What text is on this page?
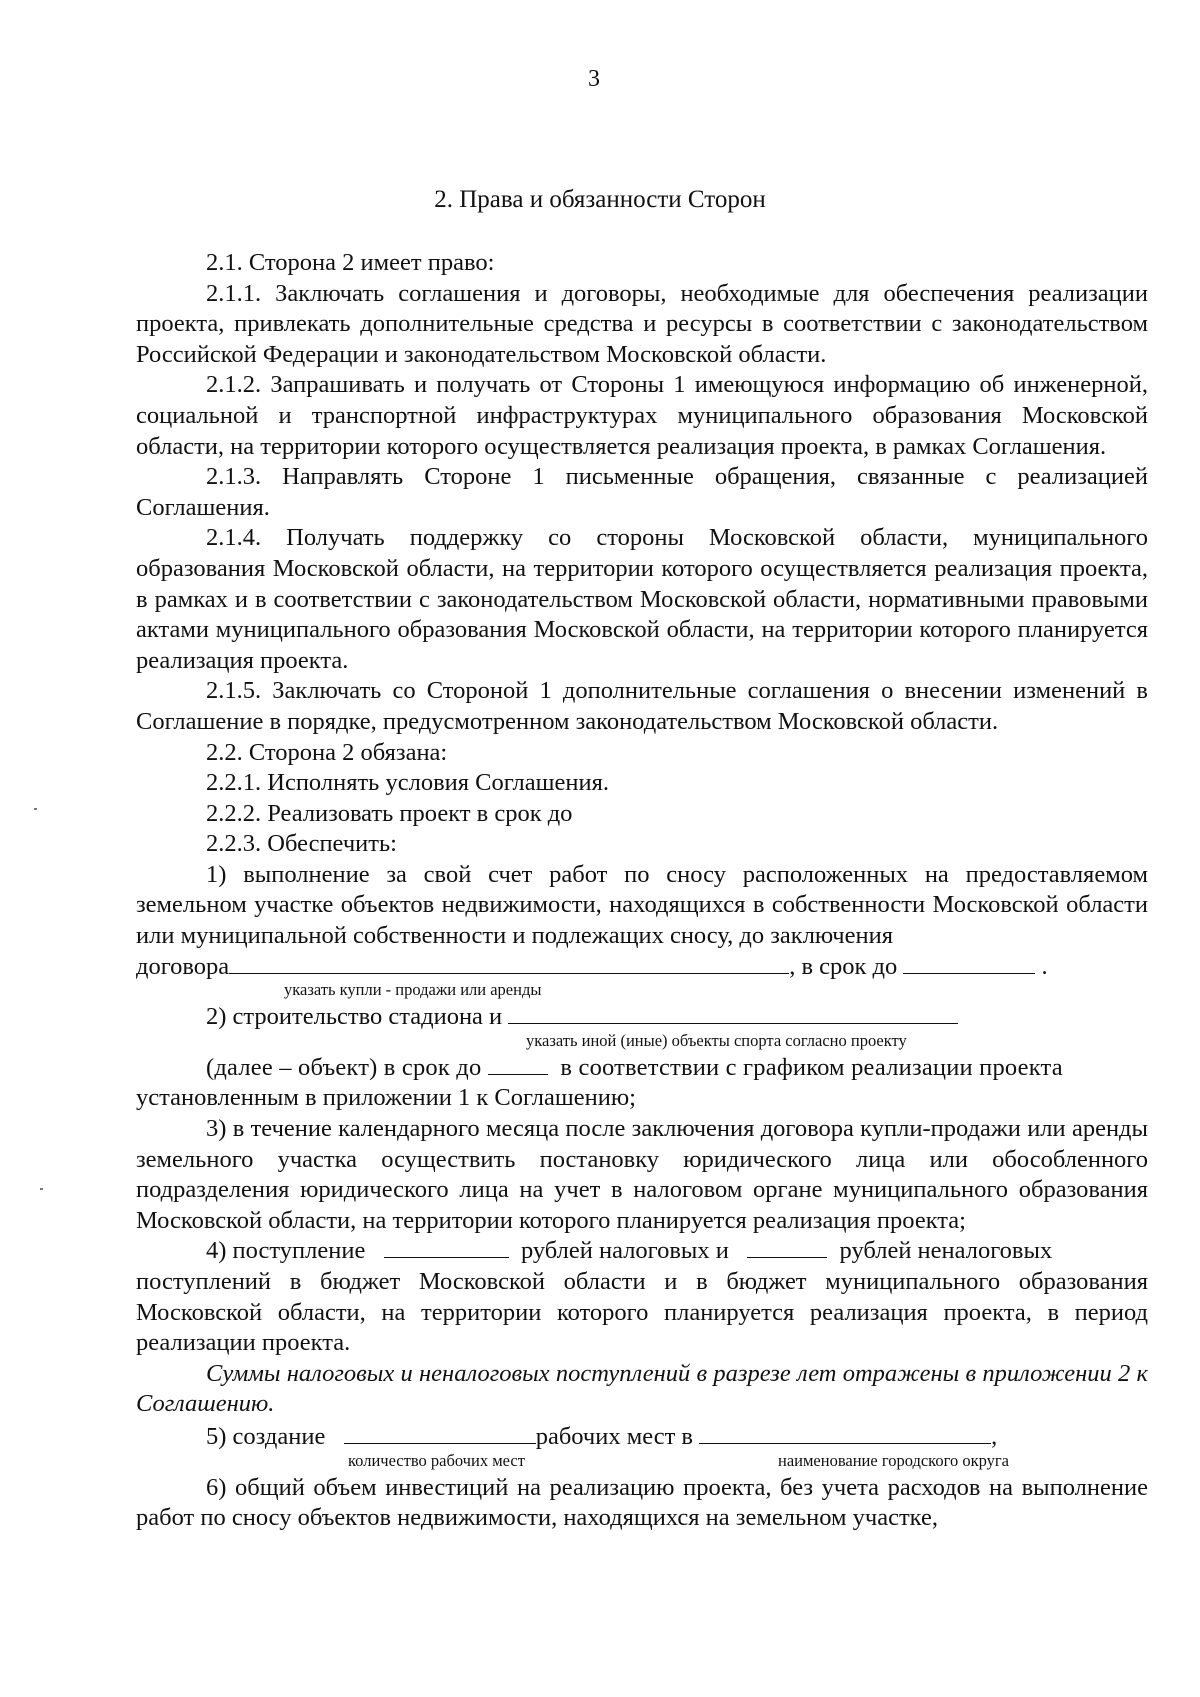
3
2. Права и обязанности Сторон

2.1. Сторона 2 имеет право:

2.1.1. Заключать соглашения и договоры, необходимые для обеспечения реализации проекта, привлекать дополнительные средства и ресурсы в соответствии с законодательством Российской Федерации и законодательством Московской области.

2.1.2. Запрашивать и получать от Стороны 1 имеющуюся информацию об инженерной, социальной и транспортной инфраструктурах муниципального образования Московской области, на территории которого осуществляется реализация проекта, в рамках Соглашения.

2.1.3. Направлять Стороне 1 письменные обращения, связанные с реализацией Соглашения.

2.1.4. Получать поддержку со стороны Московской области, муниципального образования Московской области, на территории которого осуществляется реализация проекта, в рамках и в соответствии с законодательством Московской области, нормативными правовыми актами муниципального образования Московской области, на территории которого планируется реализация проекта.

2.1.5. Заключать со Стороной 1 дополнительные соглашения о внесении изменений в Соглашение в порядке, предусмотренном законодательством Московской области.

2.2. Сторона 2 обязана:

2.2.1. Исполнять условия Соглашения.

2.2.2. Реализовать проект в срок до

2.2.3. Обеспечить:

1) выполнение за свой счет работ по сносу расположенных на предоставляемом земельном участке объектов недвижимости, находящихся в собственности Московской области или муниципальной собственности и подлежащих сносу, до заключения

договора	, в срок до	.

указать купли - продажи или аренды

2) строительство стадиона и

указать иной (иные) объекты спорта согласно проекту

(далее – объект) в срок до	в соответствии с графиком реализации проекта

установленным в приложении 1 к Соглашению;

3) в течение календарного месяца после заключения договора купли-продажи или аренды земельного участка осуществить постановку юридического лица или обособленного подразделения юридического лица на учет в налоговом органе муниципального образования Московской области, на территории которого планируется реализация проекта;

4) поступление	рублей налоговых и	рублей неналоговых

поступлений в бюджет Московской области и в бюджет муниципального образования Московской области, на территории которого планируется реализация проекта, в период реализации проекта.

Суммы налоговых и неналоговых поступлений в разрезе лет отражены в приложении 2 к Соглашению.

5) создание	рабочих мест в	,

количество рабочих мест	наименование городского округа

6) общий объем инвестиций на реализацию проекта, без учета расходов на выполнение работ по сносу объектов недвижимости, находящихся на земельном участке,
